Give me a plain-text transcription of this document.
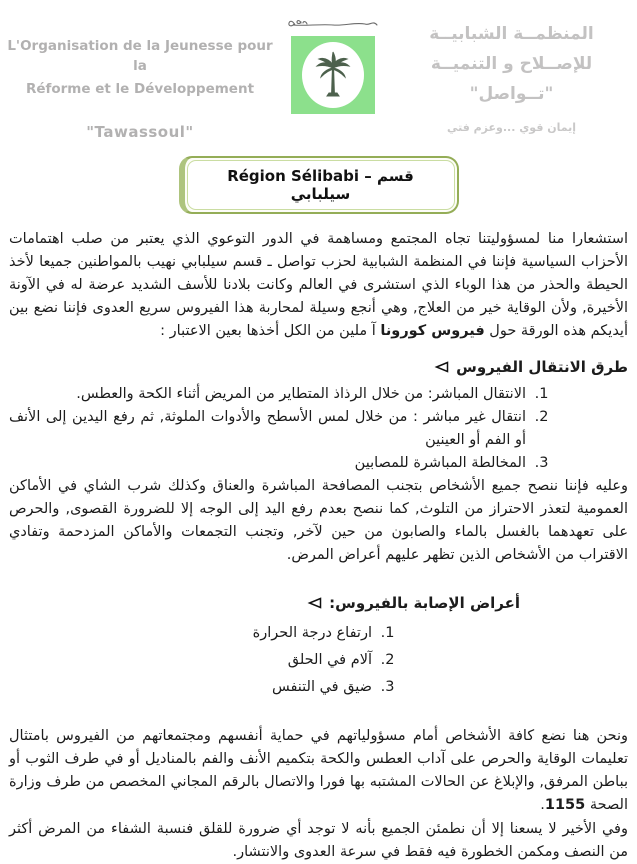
L'Organisation de la Jeunesse pour la
Réforme et le Développement
"Tawassoul"
المنظمــة الشبابيــة
للإصــلاح و التنميــة
"تــواصل"
إيمان قوي ...وعزم فتي
Région Sélibabi – قسم سيلبابي

استشعارا منا لمسؤوليتنا تجاه المجتمع ومساهمة في الدور التوعوي الذي يعتبر من صلب اهتمامات الأحزاب السياسية فإننا في المنظمة الشبابية لحزب تواصل ـ قسم سيلبابي نهيب بالمواطنين جميعا لأخذ الحيطة والحذر من هذا الوباء الذي استشرى في العالم وكانت بلادنا للأسف الشديد عرضة له في الآونة الأخيرة, ولأن الوقاية خير من العلاج, وهي أنجع وسيلة لمحاربة هذا الفيروس سريع العدوى فإننا نضع بين أيديكم هذه الورقة حول فيروس كورونا آ ملين من الكل أخذها بعين الاعتبار :

طرق الانتقال الفيروس
1. الانتقال المباشر: من خلال الرذاذ المتطاير من المريض أثناء الكحة والعطس.
2. انتقال غير مباشر : من خلال لمس الأسطح والأدوات الملوثة, ثم رفع اليدين إلى الأنف أو الفم أو العينين
3. المخالطة المباشرة للمصابين

وعليه فإننا ننصح جميع الأشخاص بتجنب المصافحة المباشرة والعناق وكذلك شرب الشاي في الأماكن العمومية لتعذر الاحتراز من التلوث, كما ننصح بعدم رفع اليد إلى الوجه إلا للضرورة القصوى, والحرص على تعهدهما بالغسل بالماء والصابون من حين لآخر, وتجنب التجمعات والأماكن المزدحمة وتفادي الاقتراب من الأشخاص الذين تظهر عليهم أعراض المرض.

أعراض الإصابة بالفيروس:
1. ارتفاع درجة الحرارة
2. آلام في الحلق
3. ضيق في التنفس

ونحن هنا نضع كافة الأشخاص أمام مسؤولياتهم في حماية أنفسهم ومجتمعاتهم من الفيروس بامتثال تعليمات الوقاية والحرص على آداب العطس والكحة بتكميم الأنف والفم بالمناديل أو في طرف الثوب أو بباطن المرفق, والإبلاغ عن الحالات المشتبه بها فورا والاتصال بالرقم المجاني المخصص من طرف وزارة الصحة 1155.

وفي الأخير لا يسعنا إلا أن نطمئن الجميع بأنه لا توجد أي ضرورة للقلق فنسبة الشفاء من المرض أكثر من النصف ومكمن الخطورة فيه فقط في سرعة العدوى والانتشار.
